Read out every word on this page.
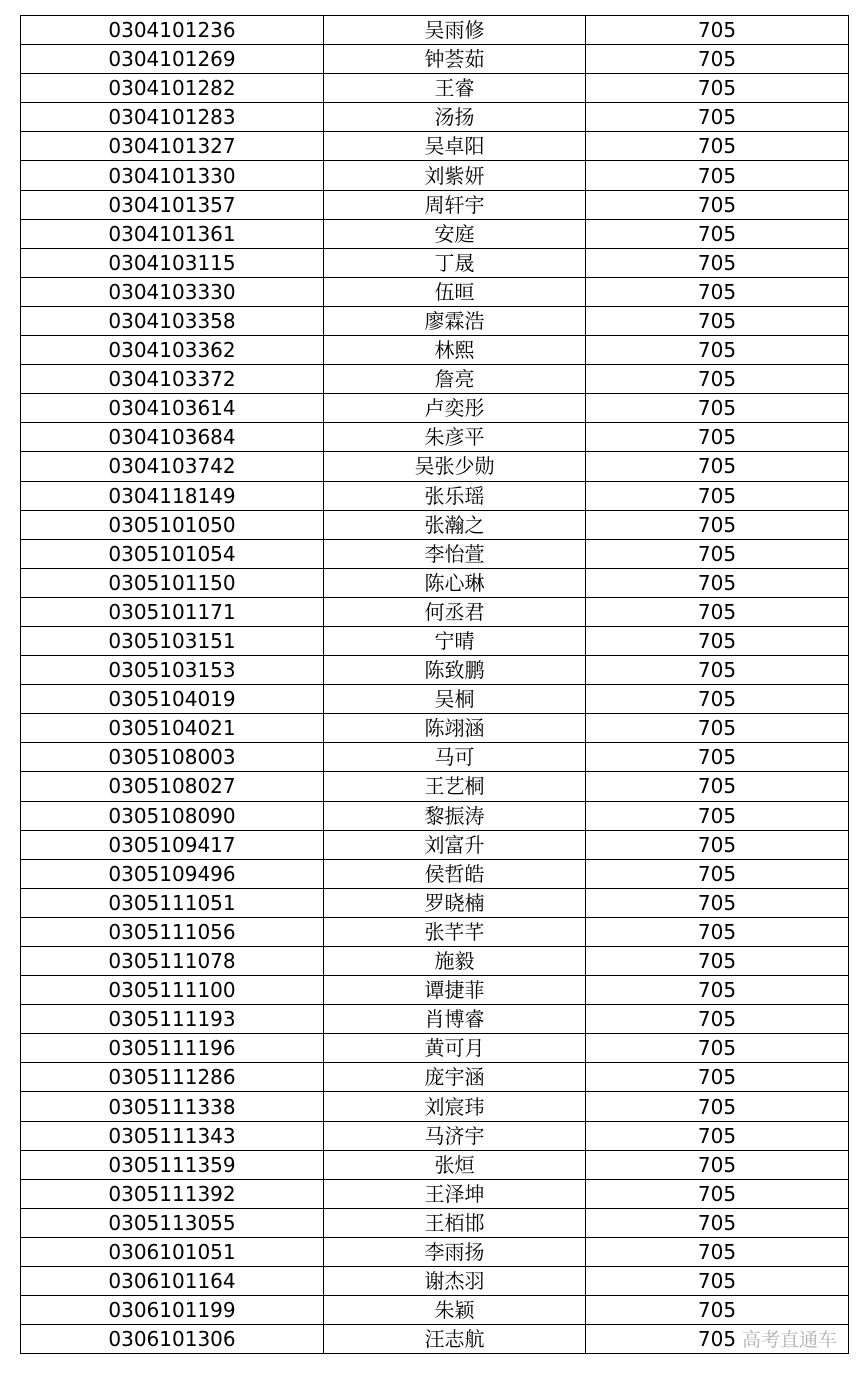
0304101236	吴雨修	705
0304101269	钟荟茹	705
0304101282	王睿	705
0304101283	汤扬	705
0304101327	吴卓阳	705
0304101330	刘紫妍	705
0304101357	周轩宇	705
0304101361	安庭	705
0304103115	丁晟	705
0304103330	伍晅	705
0304103358	廖霖浩	705
0304103362	林熙	705
0304103372	詹亮	705
0304103614	卢奕彤	705
0304103684	朱彦平	705
0304103742	吴张少勋	705
0304118149	张乐瑶	705
0305101050	张瀚之	705
0305101054	李怡萱	705
0305101150	陈心琳	705
0305101171	何丞君	705
0305103151	宁晴	705
0305103153	陈致鹏	705
0305104019	吴桐	705
0305104021	陈翊涵	705
0305108003	马可	705
0305108027	王艺桐	705
0305108090	黎振涛	705
0305109417	刘富升	705
0305109496	侯哲皓	705
0305111051	罗晓楠	705
0305111056	张芊芊	705
0305111078	施毅	705
0305111100	谭捷菲	705
0305111193	肖博睿	705
0305111196	黄可月	705
0305111286	庞宇涵	705
0305111338	刘宸玮	705
0305111343	马济宇	705
0305111359	张烜	705
0305111392	王泽坤	705
0305113055	王栢邯	705
0306101051	李雨扬	705
0306101164	谢杰羽	705
0306101199	朱颖	705
0306101306	汪志航	705 高考直通车
